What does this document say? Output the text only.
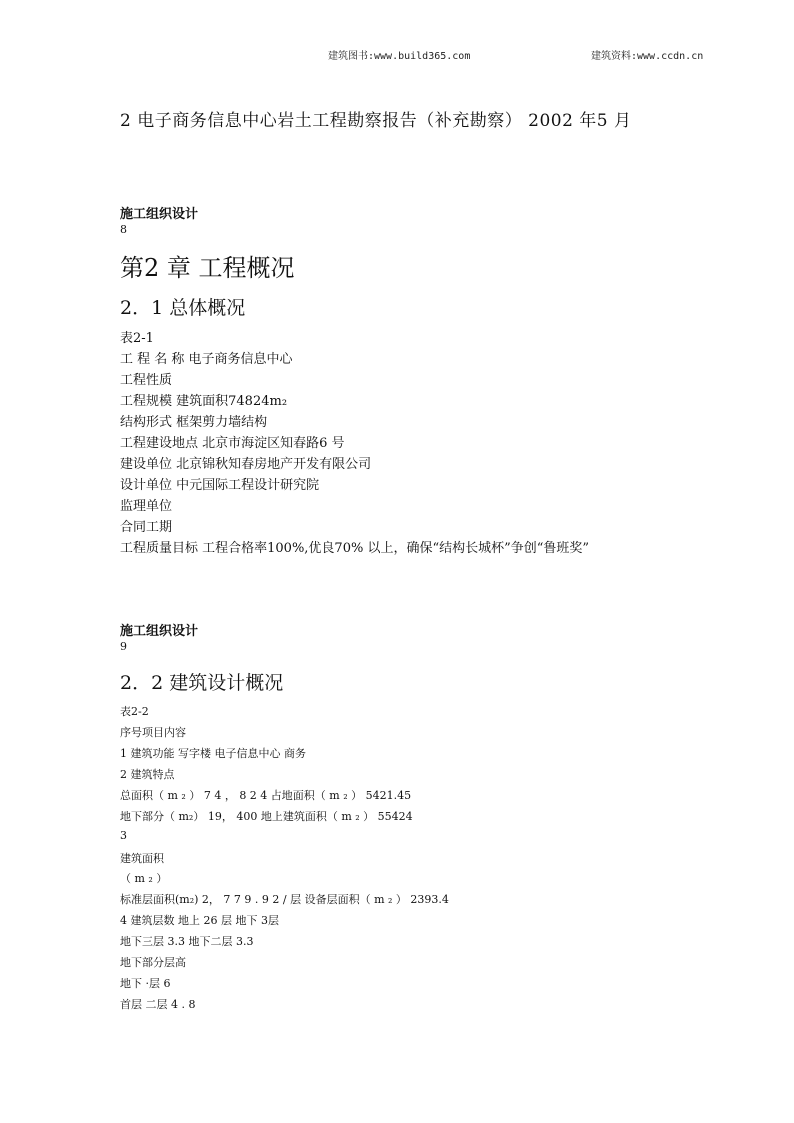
建筑图书:www.build365.com	建筑资料:www.ccdn.cn
2 电子商务信息中心岩土工程勘察报告（补充勘察） 2002 年5 月
施工组织设计
8
第2 章 工程概况
2．1 总体概况
表2-1
工 程 名 称 电子商务信息中心
工程性质
工程规模 建筑面积74824m₂
结构形式 框架剪力墙结构
工程建设地点 北京市海淀区知春路6 号
建设单位 北京锦秋知春房地产开发有限公司
设计单位 中元国际工程设计研究院
监理单位
合同工期
工程质量目标 工程合格率100%,优良70% 以上，确保“结构长城杯”争创“鲁班奖”
施工组织设计
9
2．2 建筑设计概况
表2-2
序号项目内容
1 建筑功能 写字楼 电子信息中心 商务
2 建筑特点
总面积（ m ₂ ） 7 4 ， 8 2 4 占地面积（ m ₂ ） 5421.45
地下部分（ m₂） 19， 400 地上建筑面积（ m ₂ ） 55424
3
建筑面积
（ m ₂ ）
标准层面积(m₂) 2， 7 7 9 . 9 2 / 层 设备层面积（ m ₂ ） 2393.4
4 建筑层数 地上 26 层 地下 3层
地下三层 3.3 地下二层 3.3
地下部分层高
地下 ·层 6
首层 二层 4 . 8
